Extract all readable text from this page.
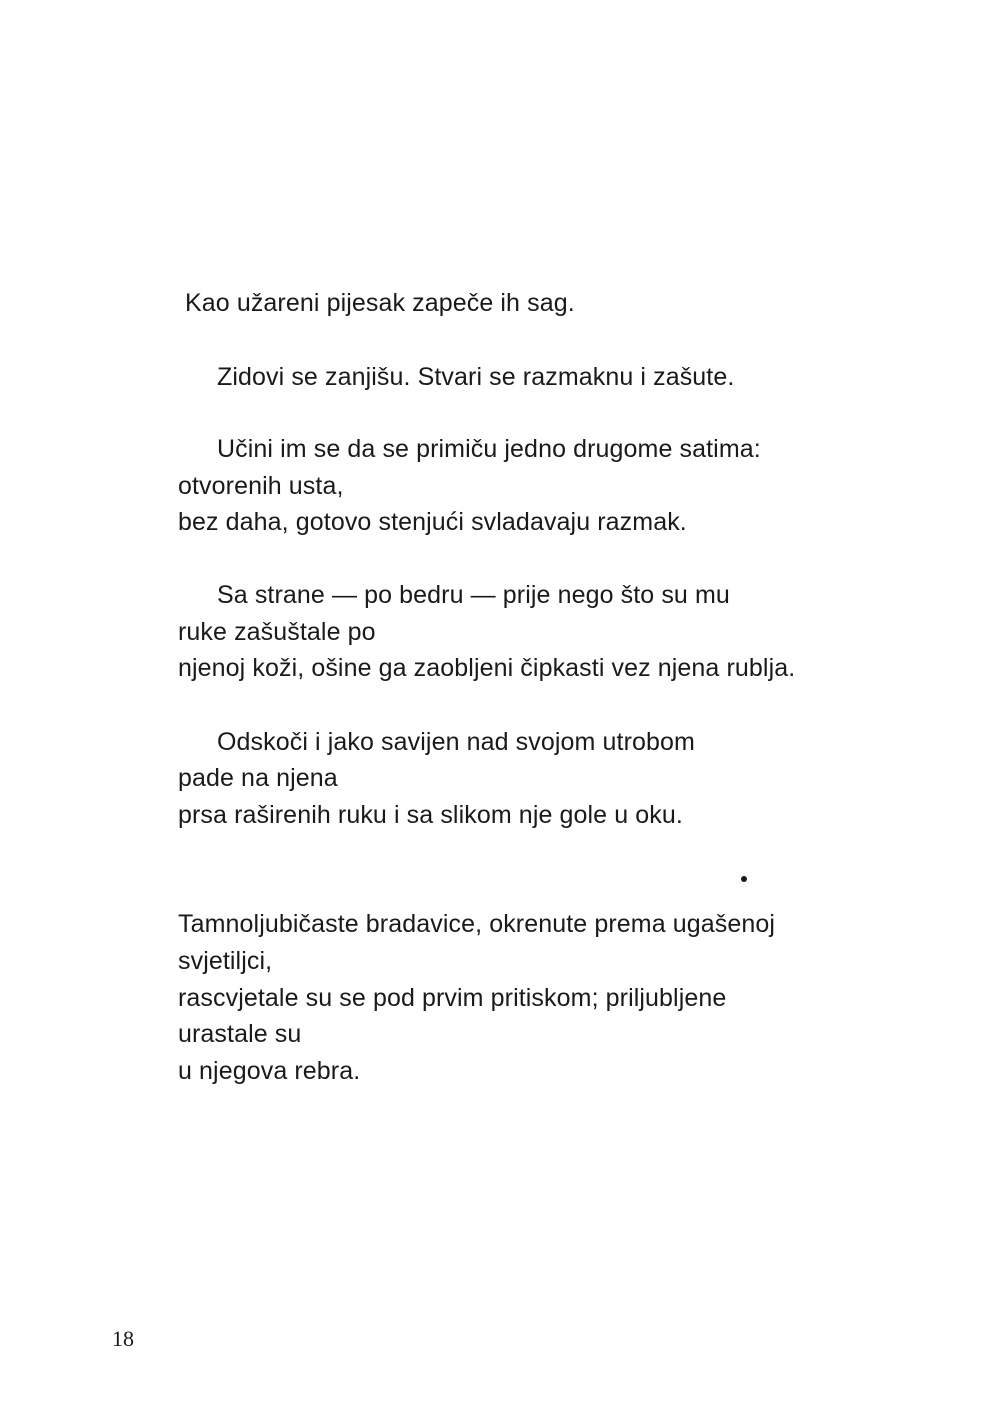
Kao užareni pijesak zapeče ih sag.
Zidovi se zanjišu. Stvari se razmaknu i zašute.
Učini im se da se primiču jedno drugome satima:
otvorenih usta,
bez daha, gotovo stenjući svladavaju razmak.
Sa strane — po bedru — prije nego što su mu
ruke zašuštale po
njenoj koži, ošine ga zaobljeni čipkasti vez njena rublja.
Odskoči i jako savijen nad svojom utrobom
pade na njena
prsa raširenih ruku i sa slikom nje gole u oku.
Tamnoljubičaste bradavice, okrenute prema ugašenoj
svjetiljci,
rascvjetale su se pod prvim pritiskom; priljubljene
urastale su
u njegova rebra.
18
